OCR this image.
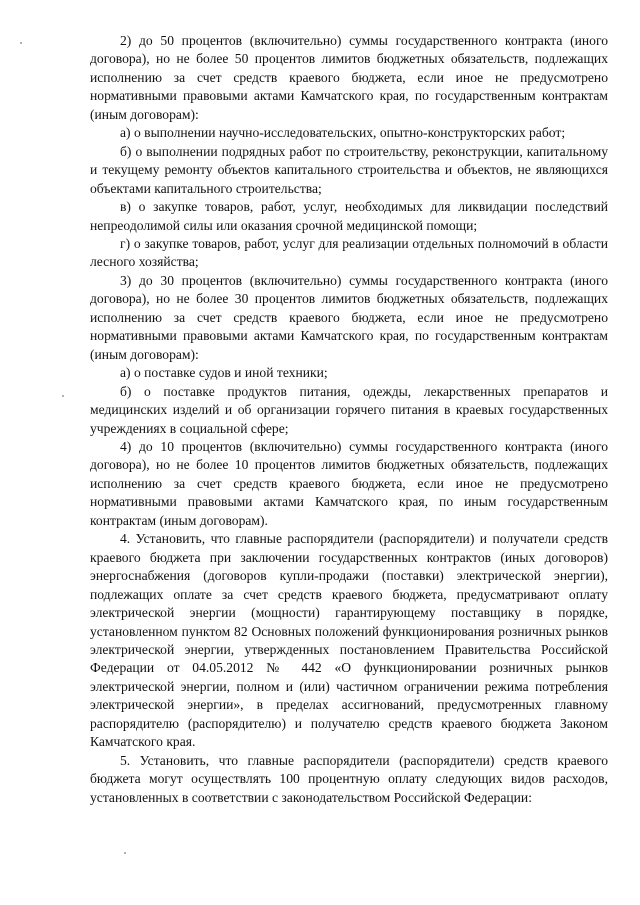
2) до 50 процентов (включительно) суммы государственного контракта (иного договора), но не более 50 процентов лимитов бюджетных обязательств, подлежащих исполнению за счет средств краевого бюджета, если иное не предусмотрено нормативными правовыми актами Камчатского края, по государственным контрактам (иным договорам):

а) о выполнении научно-исследовательских, опытно-конструкторских работ;

б) о выполнении подрядных работ по строительству, реконструкции, капитальному и текущему ремонту объектов капитального строительства и объектов, не являющихся объектами капитального строительства;

в) о закупке товаров, работ, услуг, необходимых для ликвидации последствий непреодолимой силы или оказания срочной медицинской помощи;

г) о закупке товаров, работ, услуг для реализации отдельных полномочий в области лесного хозяйства;

3) до 30 процентов (включительно) суммы государственного контракта (иного договора), но не более 30 процентов лимитов бюджетных обязательств, подлежащих исполнению за счет средств краевого бюджета, если иное не предусмотрено нормативными правовыми актами Камчатского края, по государственным контрактам (иным договорам):

а) о поставке судов и иной техники;

б) о поставке продуктов питания, одежды, лекарственных препаратов и медицинских изделий и об организации горячего питания в краевых государственных учреждениях в социальной сфере;

4) до 10 процентов (включительно) суммы государственного контракта (иного договора), но не более 10 процентов лимитов бюджетных обязательств, подлежащих исполнению за счет средств краевого бюджета, если иное не предусмотрено нормативными правовыми актами Камчатского края, по иным государственным контрактам (иным договорам).

4. Установить, что главные распорядители (распорядители) и получатели средств краевого бюджета при заключении государственных контрактов (иных договоров) энергоснабжения (договоров купли-продажи (поставки) электрической энергии), подлежащих оплате за счет средств краевого бюджета, предусматривают оплату электрической энергии (мощности) гарантирующему поставщику в порядке, установленном пунктом 82 Основных положений функционирования розничных рынков электрической энергии, утвержденных постановлением Правительства Российской Федерации от 04.05.2012 № 442 «О функционировании розничных рынков электрической энергии, полном и (или) частичном ограничении режима потребления электрической энергии», в пределах ассигнований, предусмотренных главному распорядителю (распорядителю) и получателю средств краевого бюджета Законом Камчатского края.

5. Установить, что главные распорядители (распорядители) средств краевого бюджета могут осуществлять 100 процентную оплату следующих видов расходов, установленных в соответствии с законодательством Российской Федерации:
